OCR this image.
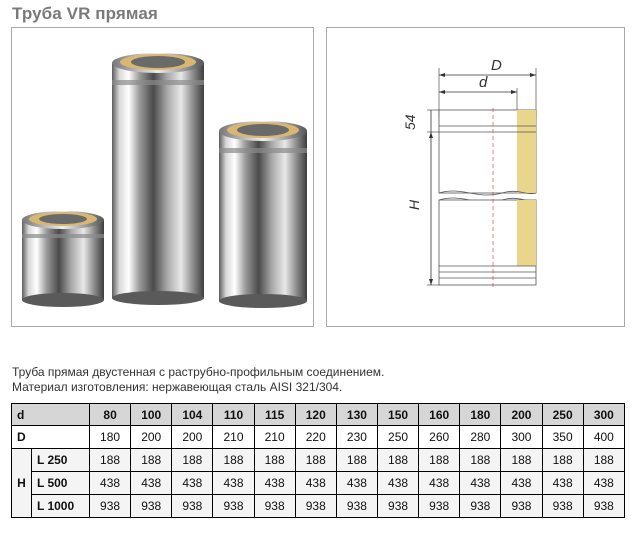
Труба VR прямая
D
d
54
H
Труба прямая двустенная с раструбно-профильным соединением.
Материал изготовления: нержавеющая сталь AISI 321/304.
d		80	100	104	110	115	120	130	150	160	180	200	250	300
D		180	200	200	210	210	220	230	250	260	280	300	350	400
H	L 250	188	188	188	188	188	188	188	188	188	188	188	188	188
	L 500	438	438	438	438	438	438	438	438	438	438	438	438	438
	L 1000	938	938	938	938	938	938	938	938	938	938	938	938	938
